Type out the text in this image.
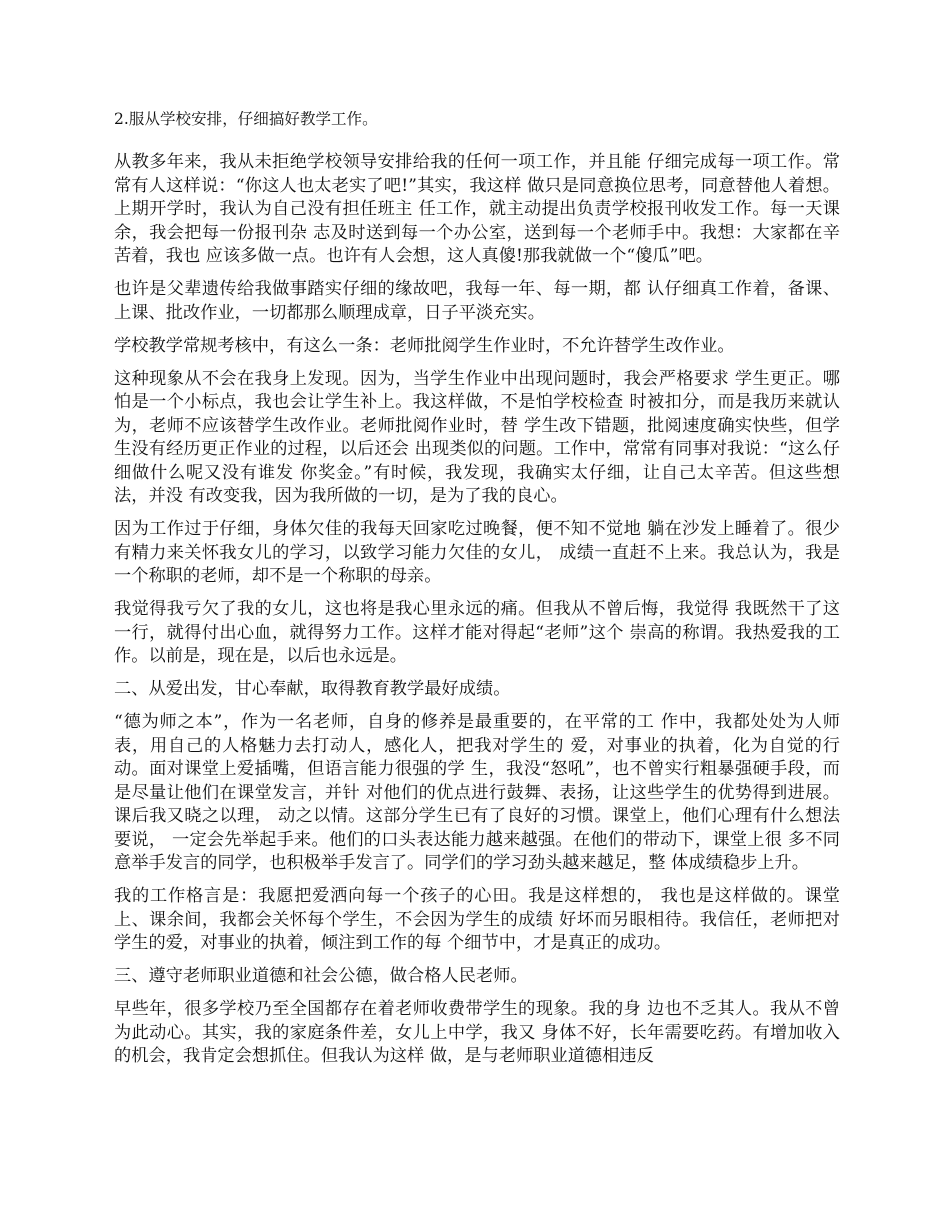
2.服从学校安排，仔细搞好教学工作。

从教多年来，我从未拒绝学校领导安排给我的任何一项工作，并且能 仔细完成每一项工作。常常有人这样说：“你这人也太老实了吧!”其实，我这样 做只是同意换位思考，同意替他人着想。上期开学时，我认为自己没有担任班主 任工作，就主动提出负责学校报刊收发工作。每一天课余，我会把每一份报刊杂 志及时送到每一个办公室，送到每一个老师手中。我想：大家都在辛苦着，我也 应该多做一点。也许有人会想，这人真傻!那我就做一个“傻瓜”吧。

也许是父辈遗传给我做事踏实仔细的缘故吧，我每一年、每一期，都 认仔细真工作着，备课、上课、批改作业，一切都那么顺理成章，日子平淡充实。

学校教学常规考核中，有这么一条：老师批阅学生作业时，不允许替学生改作业。

这种现象从不会在我身上发现。因为，当学生作业中出现问题时，我会严格要求 学生更正。哪怕是一个小标点，我也会让学生补上。我这样做，不是怕学校检查 时被扣分，而是我历来就认为，老师不应该替学生改作业。老师批阅作业时，替 学生改下错题，批阅速度确实快些，但学生没有经历更正作业的过程，以后还会 出现类似的问题。工作中，常常有同事对我说：“这么仔细做什么呢又没有谁发 你奖金。”有时候，我发现，我确实太仔细，让自己太辛苦。但这些想法，并没 有改变我，因为我所做的一切，是为了我的良心。

因为工作过于仔细，身体欠佳的我每天回家吃过晚餐，便不知不觉地 躺在沙发上睡着了。很少有精力来关怀我女儿的学习，以致学习能力欠佳的女儿， 成绩一直赶不上来。我总认为，我是一个称职的老师，却不是一个称职的母亲。

我觉得我亏欠了我的女儿，这也将是我心里永远的痛。但我从不曾后悔，我觉得 我既然干了这一行，就得付出心血，就得努力工作。这样才能对得起“老师”这个 崇高的称谓。我热爱我的工作。以前是，现在是，以后也永远是。

二、从爱出发，甘心奉献，取得教育教学最好成绩。

“德为师之本”，作为一名老师，自身的修养是最重要的，在平常的工 作中，我都处处为人师表，用自己的人格魅力去打动人，感化人，把我对学生的 爱，对事业的执着，化为自觉的行动。面对课堂上爱插嘴，但语言能力很强的学 生，我没“怒吼”，也不曾实行粗暴强硬手段，而是尽量让他们在课堂发言，并针 对他们的优点进行鼓舞、表扬，让这些学生的优势得到进展。课后我又晓之以理， 动之以情。这部分学生已有了良好的习惯。课堂上，他们心理有什么想法要说， 一定会先举起手来。他们的口头表达能力越来越强。在他们的带动下，课堂上很 多不同意举手发言的同学，也积极举手发言了。同学们的学习劲头越来越足，整 体成绩稳步上升。

我的工作格言是：我愿把爱洒向每一个孩子的心田。我是这样想的， 我也是这样做的。课堂上、课余间，我都会关怀每个学生，不会因为学生的成绩 好坏而另眼相待。我信任，老师把对学生的爱，对事业的执着，倾注到工作的每 个细节中，才是真正的成功。

三、遵守老师职业道德和社会公德，做合格人民老师。

早些年，很多学校乃至全国都存在着老师收费带学生的现象。我的身 边也不乏其人。我从不曾为此动心。其实，我的家庭条件差，女儿上中学，我又 身体不好，长年需要吃药。有增加收入的机会，我肯定会想抓住。但我认为这样 做，是与老师职业道德相违反
